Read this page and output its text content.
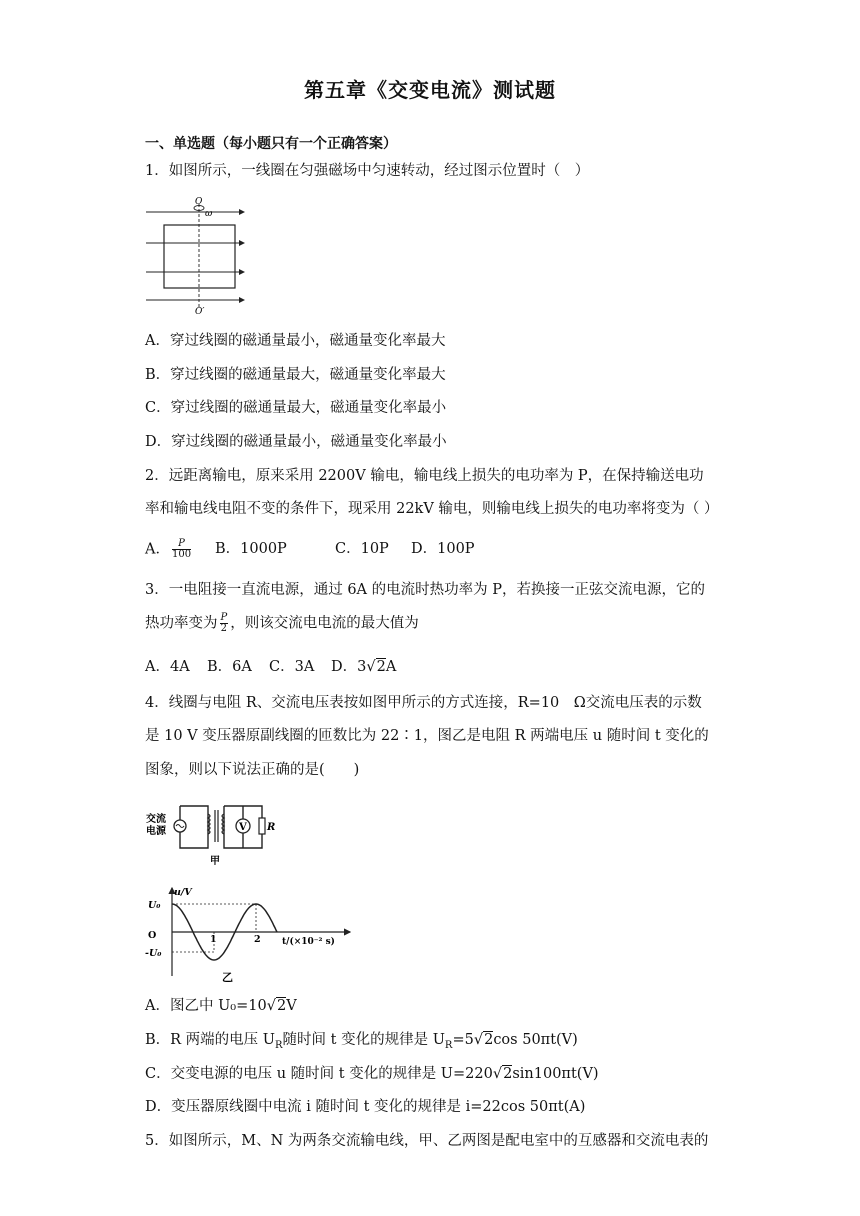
第五章《交变电流》测试题
一、单选题（每小题只有一个正确答案）
1．如图所示，一线圈在匀强磁场中匀速转动，经过图示位置时（　）
O
ω
O′
A．穿过线圈的磁通量最小，磁通量变化率最大
B．穿过线圈的磁通量最大，磁通量变化率最大
C．穿过线圈的磁通量最大，磁通量变化率最小
D．穿过线圈的磁通量最小，磁通量变化率最小
2．远距离输电，原来采用 2200V 输电，输电线上损失的电功率为 P，在保持输送电功
率和输电线电阻不变的条件下，现采用 22kV 输电，则输电线上损失的电功率将变为（ ）
A． $\frac{P}{100}$ B．1000P	C．10P D．100P
3．一电阻接一直流电源，通过 6A 的电流时热功率为 P，若换接一正弦交流电源，它的
热功率变为 $\frac{P}{2}$ ，则该交流电电流的最大值为
A．4A B．6A C．3A D．3√2A
4．线圈与电阻 R、交流电压表按如图甲所示的方式连接，R=10　Ω交流电压表的示数
是 10 V 变压器原副线圈的匝数比为 22∶1，图乙是电阻 R 两端电压 u 随时间 t 变化的
图象，则以下说法正确的是(　　)
交流
电源	V R
甲
u/V
U₀
O
-U₀
1	2 t/(×10⁻² s)
乙
A．图乙中 U₀=10√2V
B．R 两端的电压 $U_R$随时间 t 变化的规律是 $U_R=5√2\cos$ 50πt(V)
C．交变电源的电压 u 随时间 t 变化的规律是 U=220√2sin100πt(V)
D．变压器原线圈中电流 i 随时间 t 变化的规律是 i=22cos 50πt(A)
5．如图所示，M、N 为两条交流输电线，甲、乙两图是配电室中的互感器和交流电表的
